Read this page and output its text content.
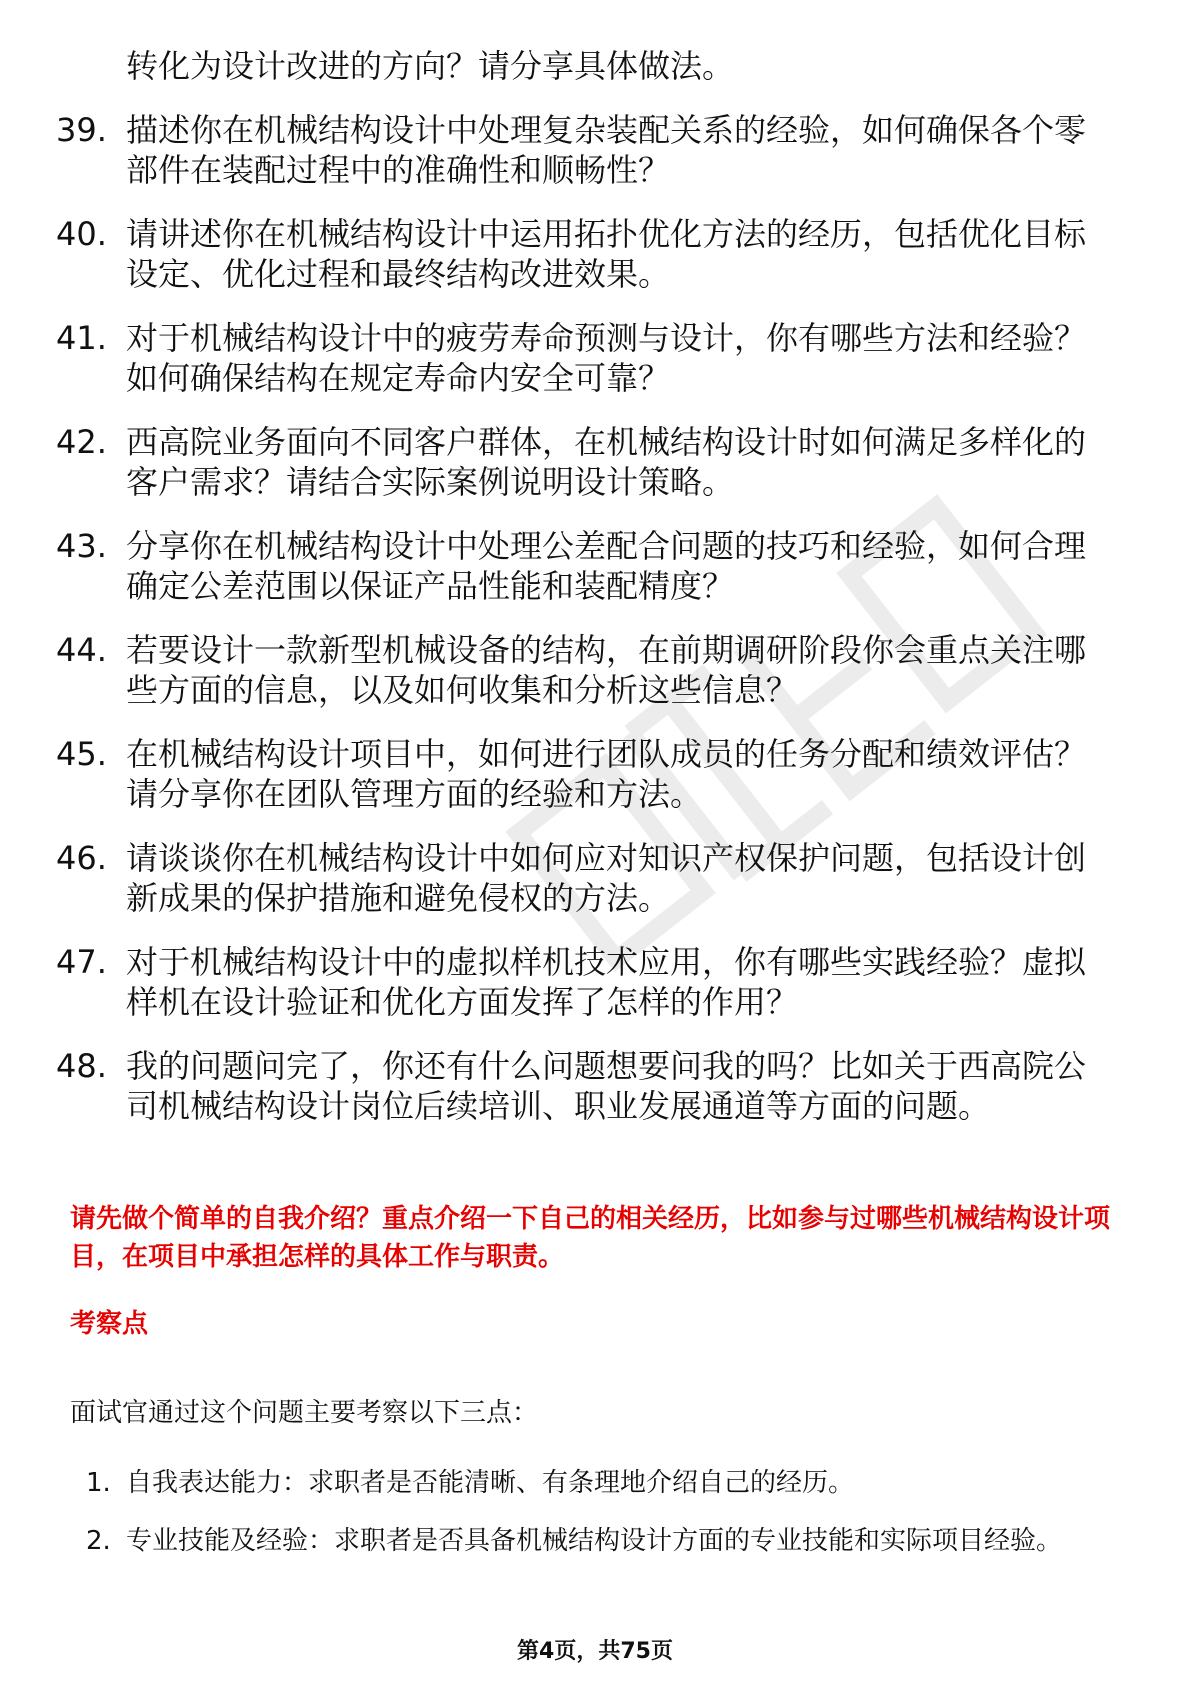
转化为设计改进的方向？请分享具体做法。

39. 描述你在机械结构设计中处理复杂装配关系的经验，如何确保各个零部件在装配过程中的准确性和顺畅性？
40. 请讲述你在机械结构设计中运用拓扑优化方法的经历，包括优化目标设定、优化过程和最终结构改进效果。
41. 对于机械结构设计中的疲劳寿命预测与设计，你有哪些方法和经验？如何确保结构在规定寿命内安全可靠？
42. 西高院业务面向不同客户群体，在机械结构设计时如何满足多样化的客户需求？请结合实际案例说明设计策略。
43. 分享你在机械结构设计中处理公差配合问题的技巧和经验，如何合理确定公差范围以保证产品性能和装配精度？
44. 若要设计一款新型机械设备的结构，在前期调研阶段你会重点关注哪些方面的信息，以及如何收集和分析这些信息？
45. 在机械结构设计项目中，如何进行团队成员的任务分配和绩效评估？请分享你在团队管理方面的经验和方法。
46. 请谈谈你在机械结构设计中如何应对知识产权保护问题，包括设计创新成果的保护措施和避免侵权的方法。
47. 对于机械结构设计中的虚拟样机技术应用，你有哪些实践经验？虚拟样机在设计验证和优化方面发挥了怎样的作用？
48. 我的问题问完了，你还有什么问题想要问我的吗？比如关于西高院公司机械结构设计岗位后续培训、职业发展通道等方面的问题。

请先做个简单的自我介绍？重点介绍一下自己的相关经历，比如参与过哪些机械结构设计项目，在项目中承担怎样的具体工作与职责。

考察点

面试官通过这个问题主要考察以下三点：

1. 自我表达能力：求职者是否能清晰、有条理地介绍自己的经历。
2. 专业技能及经验：求职者是否具备机械结构设计方面的专业技能和实际项目经验。

第4页，共75页
